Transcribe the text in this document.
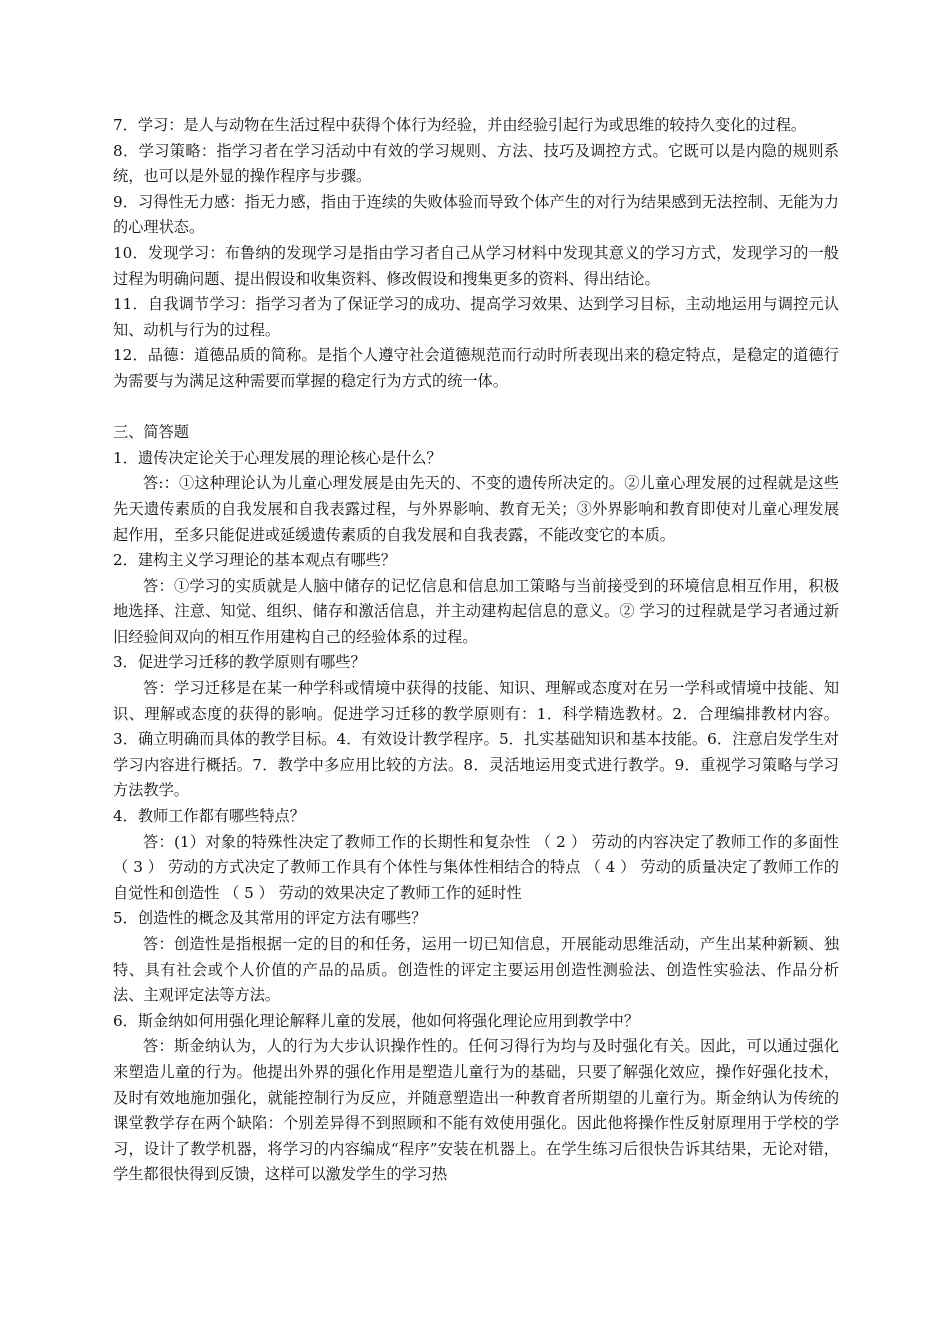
7．学习：是人与动物在生活过程中获得个体行为经验，并由经验引起行为或思维的较持久变化的过程。

8．学习策略：指学习者在学习活动中有效的学习规则、方法、技巧及调控方式。它既可以是内隐的规则系统，也可以是外显的操作程序与步骤。

9．习得性无力感：指无力感，指由于连续的失败体验而导致个体产生的对行为结果感到无法控制、无能为力的心理状态。

10．发现学习：布鲁纳的发现学习是指由学习者自己从学习材料中发现其意义的学习方式，发现学习的一般过程为明确问题、提出假设和收集资料、修改假设和搜集更多的资料、得出结论。

11．自我调节学习：指学习者为了保证学习的成功、提高学习效果、达到学习目标，主动地运用与调控元认知、动机与行为的过程。

12．品德：道德品质的简称。是指个人遵守社会道德规范而行动时所表现出来的稳定特点，是稳定的道德行为需要与为满足这种需要而掌握的稳定行为方式的统一体。

三、简答题

1．遗传决定论关于心理发展的理论核心是什么？

答:：①这种理论认为儿童心理发展是由先天的、不变的遗传所决定的。②儿童心理发展的过程就是这些先天遗传素质的自我发展和自我表露过程，与外界影响、教育无关；③外界影响和教育即使对儿童心理发展起作用，至多只能促进或延缓遗传素质的自我发展和自我表露，不能改变它的本质。

2．建构主义学习理论的基本观点有哪些？

答：①学习的实质就是人脑中储存的记忆信息和信息加工策略与当前接受到的环境信息相互作用，积极地选择、注意、知觉、组织、储存和激活信息，并主动建构起信息的意义。② 学习的过程就是学习者通过新旧经验间双向的相互作用建构自己的经验体系的过程。

3．促进学习迁移的教学原则有哪些？

答：学习迁移是在某一种学科或情境中获得的技能、知识、理解或态度对在另一学科或情境中技能、知识、理解或态度的获得的影响。促进学习迁移的教学原则有：1．科学精选教材。2．合理编排教材内容。3．确立明确而具体的教学目标。4．有效设计教学程序。5．扎实基础知识和基本技能。6．注意启发学生对学习内容进行概括。7．教学中多应用比较的方法。8．灵活地运用变式进行教学。9．重视学习策略与学习方法教学。

4．教师工作都有哪些特点？

答：(1）对象的特殊性决定了教师工作的长期性和复杂性 （ 2 ） 劳动的内容决定了教师工作的多面性 （ 3 ） 劳动的方式决定了教师工作具有个体性与集体性相结合的特点 （ 4 ） 劳动的质量决定了教师工作的自觉性和创造性 （ 5 ） 劳动的效果决定了教师工作的延时性

5．创造性的概念及其常用的评定方法有哪些？

答：创造性是指根据一定的目的和任务，运用一切已知信息，开展能动思维活动，产生出某种新颖、独特、具有社会或个人价值的产品的品质。创造性的评定主要运用创造性测验法、创造性实验法、作品分析法、主观评定法等方法。

6．斯金纳如何用强化理论解释儿童的发展，他如何将强化理论应用到教学中？

答：斯金纳认为，人的行为大步认识操作性的。任何习得行为均与及时强化有关。因此，可以通过强化来塑造儿童的行为。他提出外界的强化作用是塑造儿童行为的基础，只要了解强化效应，操作好强化技术，及时有效地施加强化，就能控制行为反应，并随意塑造出一种教育者所期望的儿童行为。斯金纳认为传统的课堂教学存在两个缺陷：个别差异得不到照顾和不能有效使用强化。因此他将操作性反射原理用于学校的学习，设计了教学机器，将学习的内容编成“程序”安装在机器上。在学生练习后很快告诉其结果，无论对错，学生都很快得到反馈，这样可以激发学生的学习热
